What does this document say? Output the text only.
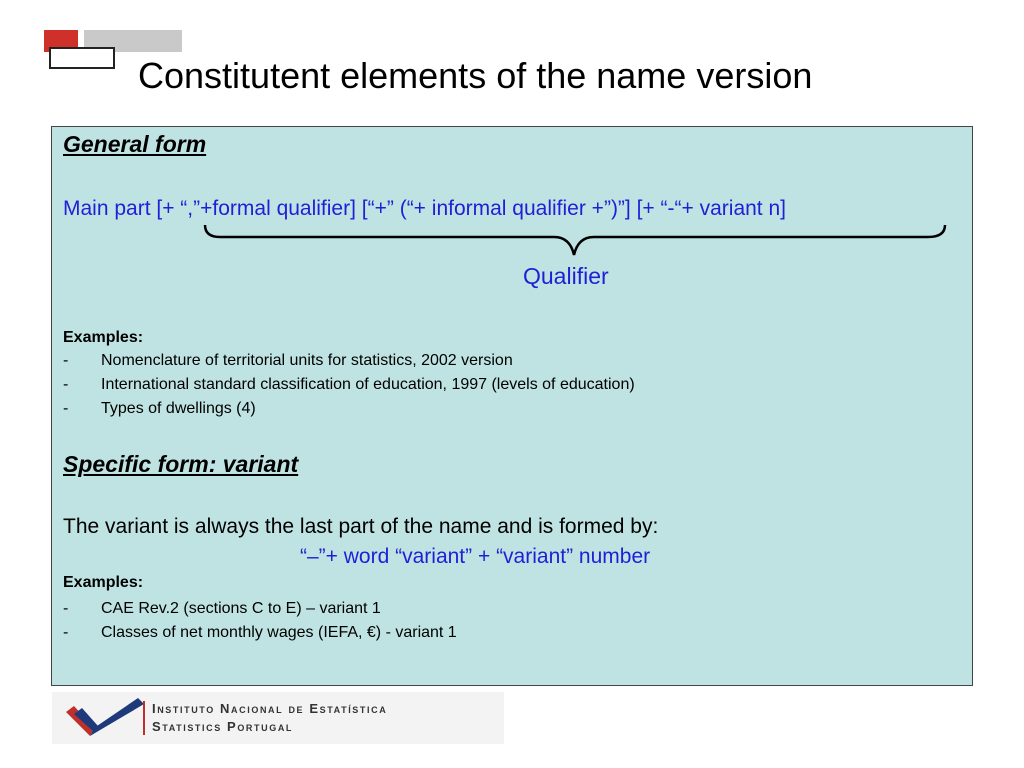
Constitutent elements of the name version
General form
Main part [+ “,”+formal qualifier] [“+” (“+ informal qualifier +”)”] [+ “-“+ variant n]
Qualifier
Examples:
- Nomenclature of territorial units for statistics, 2002 version
- International standard classification of education, 1997 (levels of education)
- Types of dwellings (4)
Specific form: variant
The variant is always the last part of the name and is formed by:
“–”+ word “variant” + “variant” number
Examples:
- CAE Rev.2 (sections C to E) – variant 1
- Classes of net monthly wages (IEFA, €) - variant 1
Instituto Nacional de Estatística
Statistics Portugal
